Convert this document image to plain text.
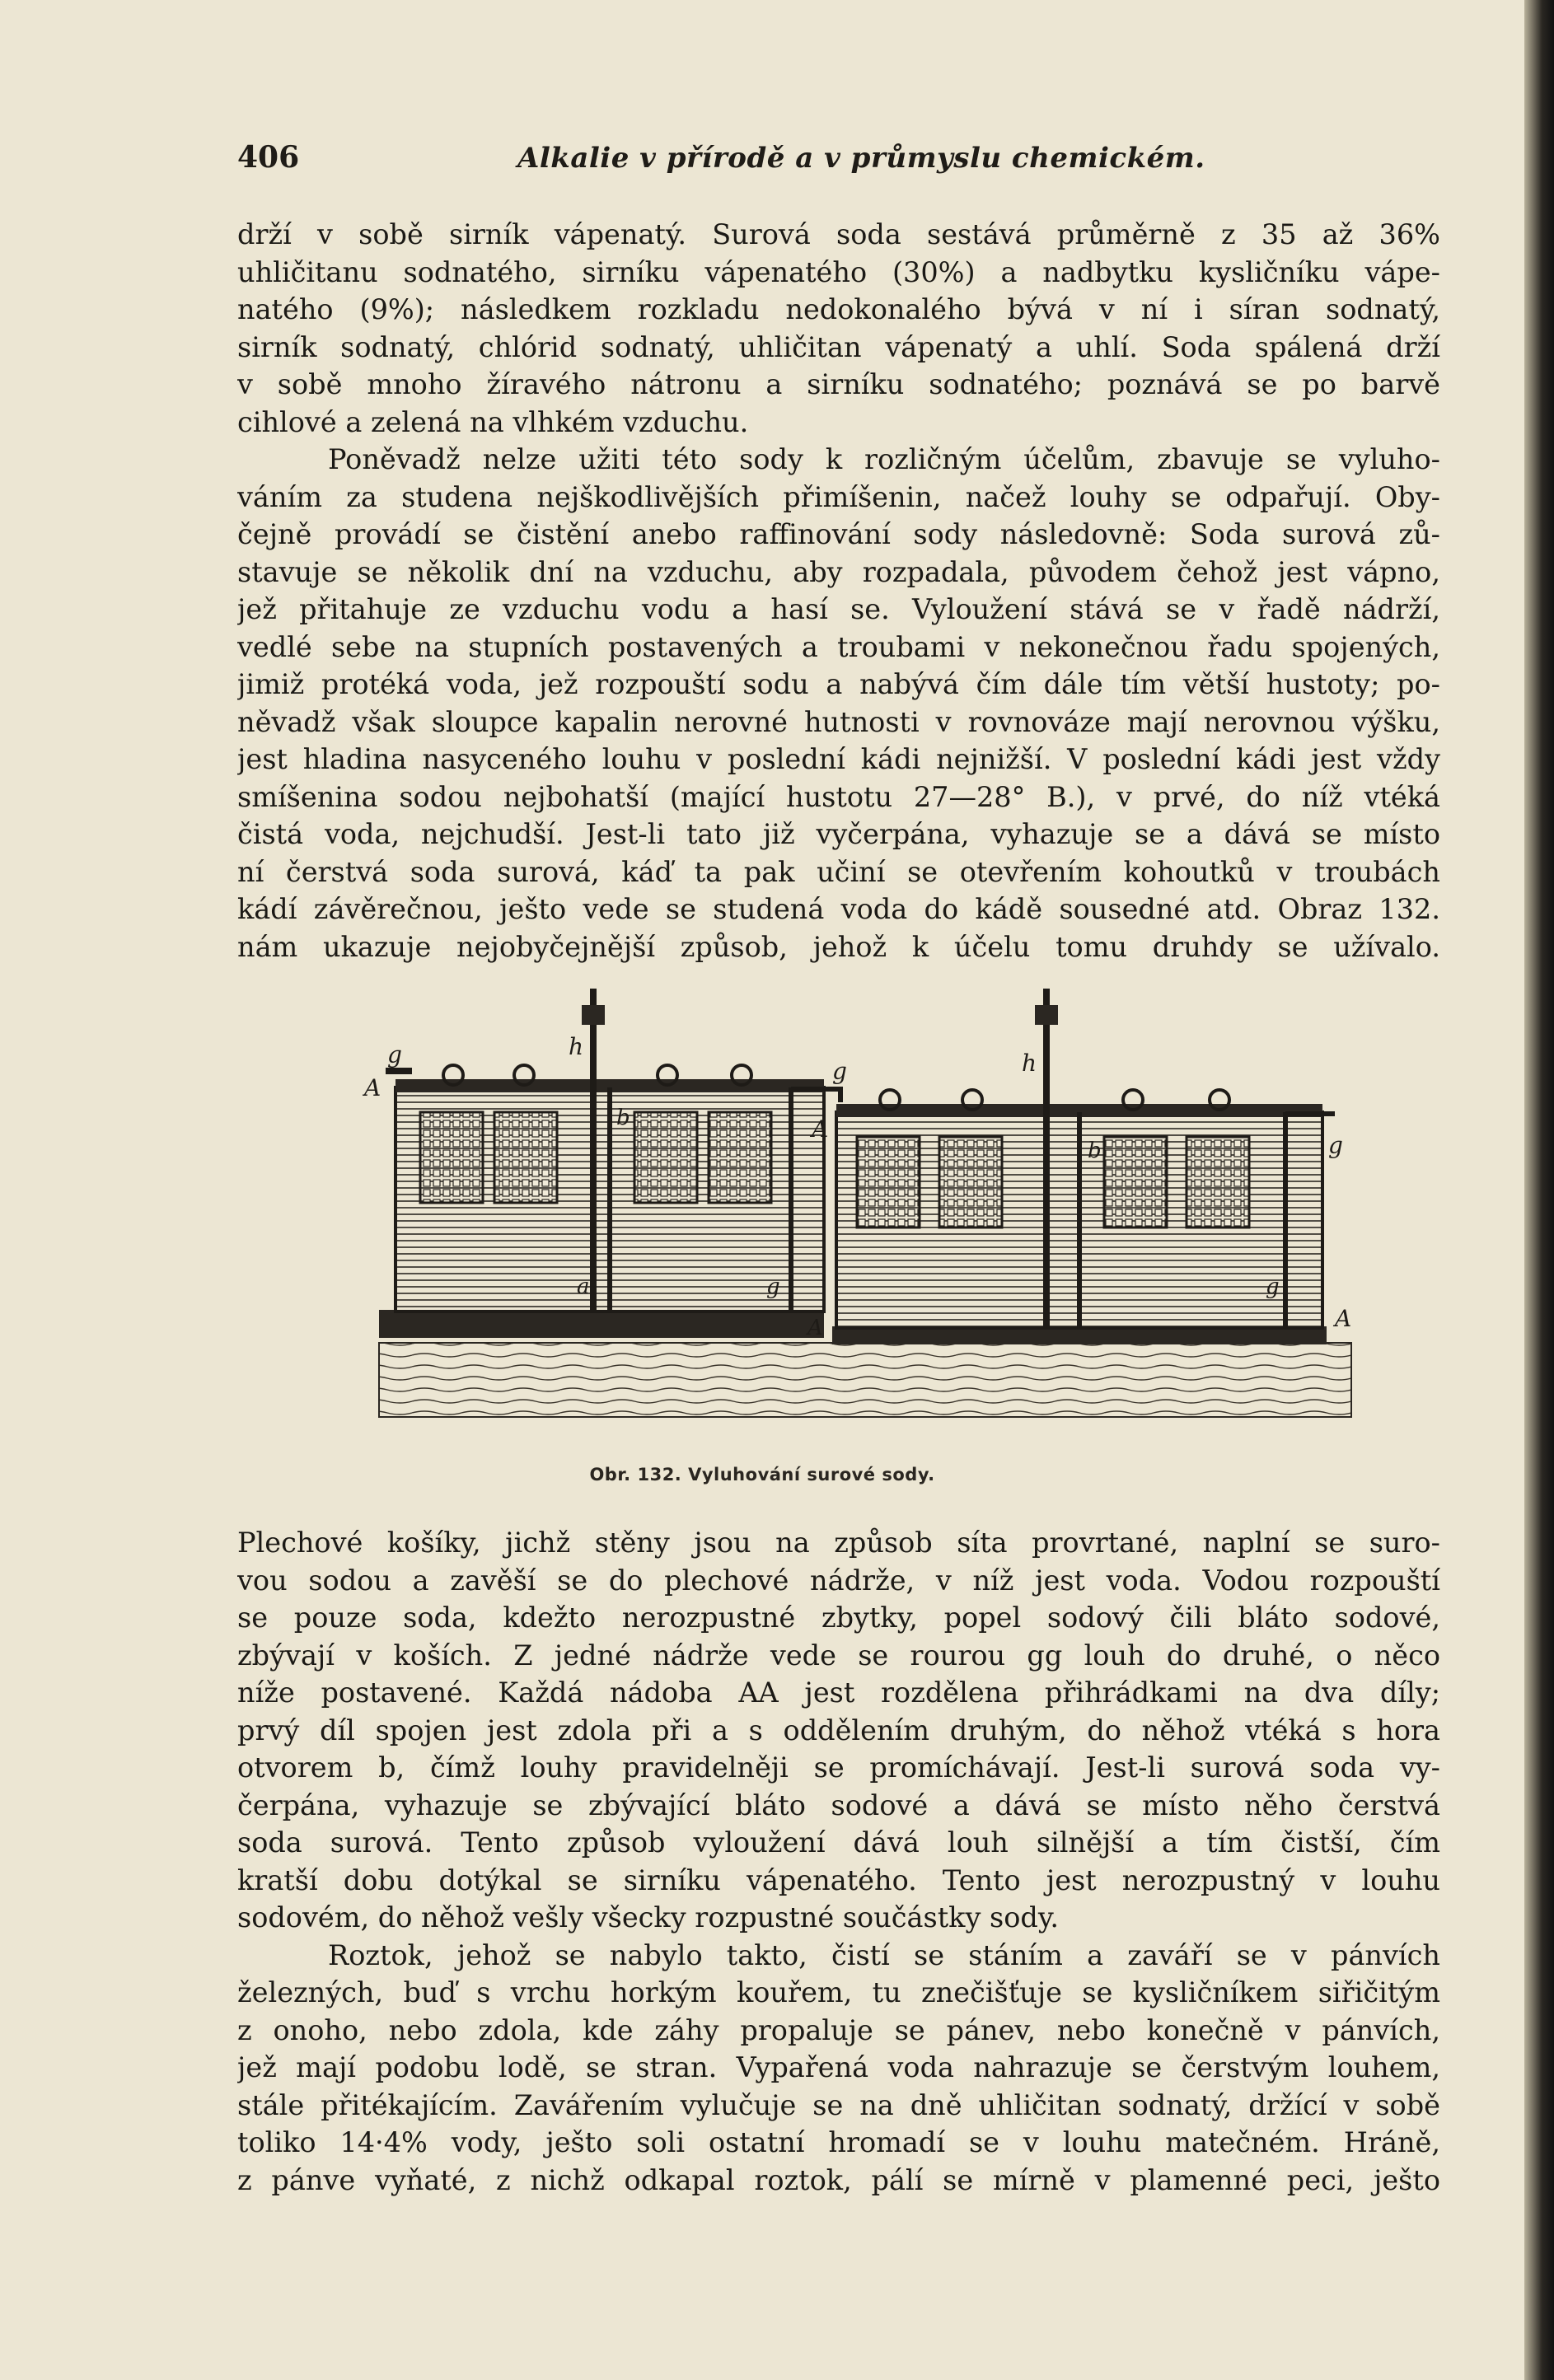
406	Alkalie v přírodě a v průmyslu chemickém.
drží v sobě sirník vápenatý. Surová soda sestává průměrně z 35 až 36%
uhličitanu sodnatého, sirníku vápenatého (30%) a nadbytku kysličníku vápe-
natého (9%); následkem rozkladu nedokonalého bývá v ní i síran sodnatý,
sirník sodnatý, chlórid sodnatý, uhličitan vápenatý a uhlí. Soda spálená drží
v sobě mnoho žíravého nátronu a sirníku sodnatého; poznává se po barvě
cihlové a zelená na vlhkém vzduchu.
Poněvadž nelze užiti této sody k rozličným účelům, zbavuje se vyluho-
váním za studena nejškodlivějších přimíšenin, načež louhy se odpařují. Oby-
čejně provádí se čistění anebo raffinování sody následovně: Soda surová zů-
stavuje se několik dní na vzduchu, aby rozpadala, původem čehož jest vápno,
jež přitahuje ze vzduchu vodu a hasí se. Vyloužení stává se v řadě nádrží,
vedlé sebe na stupních postavených a troubami v nekonečnou řadu spojených,
jimiž protéká voda, jež rozpouští sodu a nabývá čím dále tím větší hustoty; po-
něvadž však sloupce kapalin nerovné hutnosti v rovnováze mají nerovnou výšku,
jest hladina nasyceného louhu v poslední kádi nejnižší. V poslední kádi jest vždy
smíšenina sodou nejbohatší (mající hustotu 27—28° B.), v prvé, do níž vtéká
čistá voda, nejchudší. Jest-li tato již vyčerpána, vyhazuje se a dává se místo
ní čerstvá soda surová, káď ta pak učiní se otevřením kohoutků v troubách
kádí závěrečnou, ješto vede se studená voda do kádě sousedné atd. Obraz 132.
nám ukazuje nejobyčejnější způsob, jehož k účelu tomu druhdy se užívalo.
g
A
h
b
a	g
g
A
h
b	g
g
A
A
Obr. 132. Vyluhování surové sody.
Plechové košíky, jichž stěny jsou na způsob síta provrtané, naplní se suro-
vou sodou a zavěší se do plechové nádrže, v níž jest voda. Vodou rozpouští
se pouze soda, kdežto nerozpustné zbytky, popel sodový čili bláto sodové,
zbývají v koších. Z jedné nádrže vede se rourou gg louh do druhé, o něco
níže postavené. Každá nádoba AA jest rozdělena přihrádkami na dva díly;
prvý díl spojen jest zdola při a s oddělením druhým, do něhož vtéká s hora
otvorem b, čímž louhy pravidelněji se promíchávají. Jest-li surová soda vy-
čerpána, vyhazuje se zbývající bláto sodové a dává se místo něho čerstvá
soda surová. Tento způsob vyloužení dává louh silnější a tím čistší, čím
kratší dobu dotýkal se sirníku vápenatého. Tento jest nerozpustný v louhu
sodovém, do něhož vešly všecky rozpustné součástky sody.
Roztok, jehož se nabylo takto, čistí se stáním a zaváří se v pánvích
železných, buď s vrchu horkým kouřem, tu znečišťuje se kysličníkem siřičitým
z onoho, nebo zdola, kde záhy propaluje se pánev, nebo konečně v pánvích,
jež mají podobu lodě, se stran. Vypařená voda nahrazuje se čerstvým louhem,
stále přitékajícím. Zavářením vylučuje se na dně uhličitan sodnatý, držící v sobě
toliko 14·4% vody, ješto soli ostatní hromadí se v louhu matečném. Hráně,
z pánve vyňaté, z nichž odkapal roztok, pálí se mírně v plamenné peci, ješto
